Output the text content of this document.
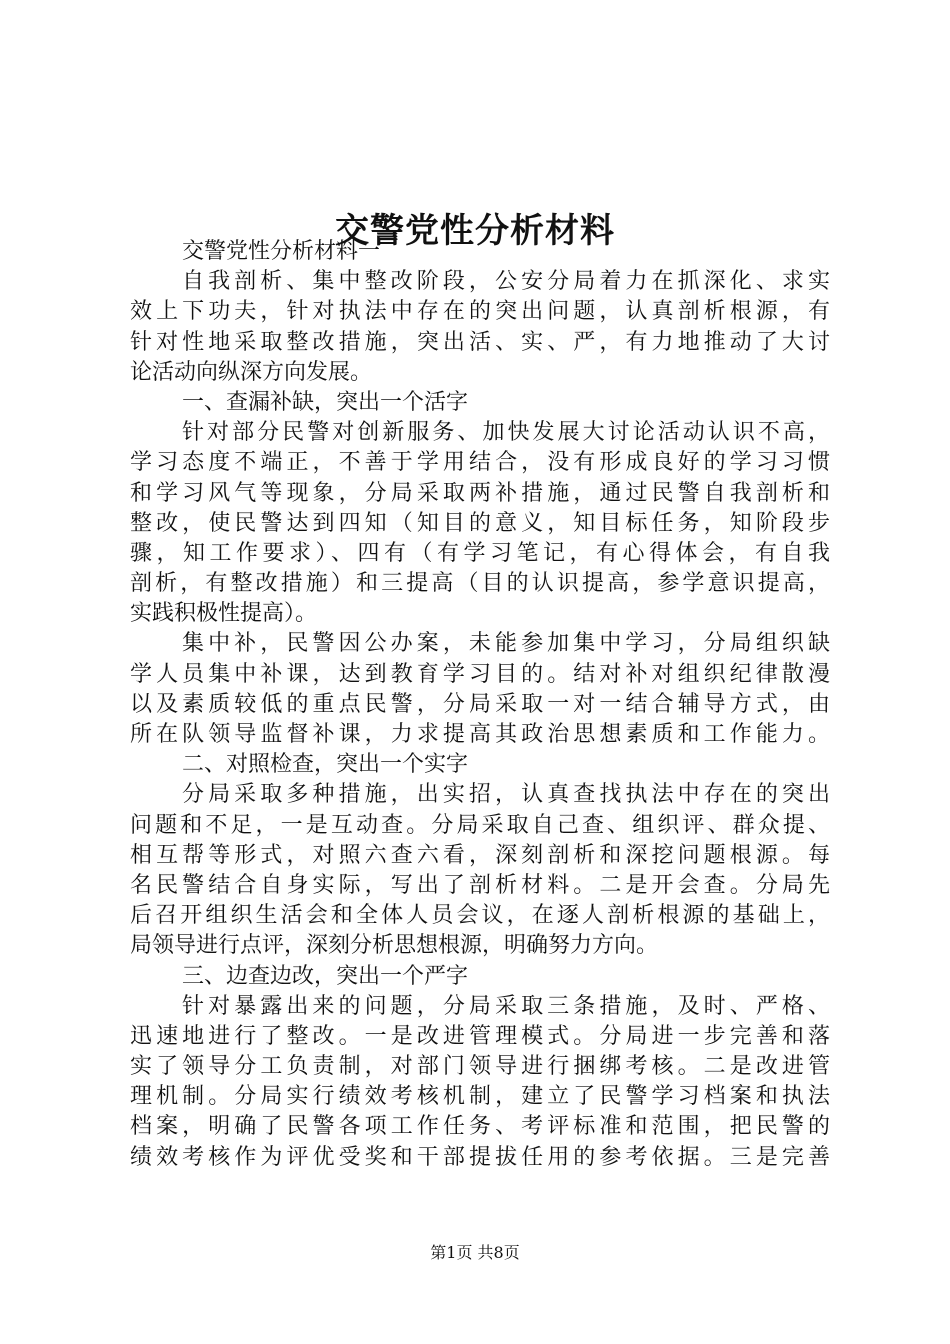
交警党性分析材料
交警党性分析材料一
自我剖析、集中整改阶段，公安分局着力在抓深化、求实
效上下功夫，针对执法中存在的突出问题，认真剖析根源，有
针对性地采取整改措施，突出活、实、严，有力地推动了大讨
论活动向纵深方向发展。
一、查漏补缺，突出一个活字
针对部分民警对创新服务、加快发展大讨论活动认识不高，
学习态度不端正，不善于学用结合，没有形成良好的学习习惯
和学习风气等现象，分局采取两补措施，通过民警自我剖析和
整改，使民警达到四知（知目的意义，知目标任务，知阶段步
骤，知工作要求）、四有（有学习笔记，有心得体会，有自我
剖析，有整改措施）和三提高（目的认识提高，参学意识提高，
实践积极性提高）。
集中补，民警因公办案，未能参加集中学习，分局组织缺
学人员集中补课，达到教育学习目的。结对补对组织纪律散漫
以及素质较低的重点民警，分局采取一对一结合辅导方式，由
所在队领导监督补课，力求提高其政治思想素质和工作能力。
二、对照检查，突出一个实字
分局采取多种措施，出实招，认真查找执法中存在的突出
问题和不足，一是互动查。分局采取自己查、组织评、群众提、
相互帮等形式，对照六查六看，深刻剖析和深挖问题根源。每
名民警结合自身实际，写出了剖析材料。二是开会查。分局先
后召开组织生活会和全体人员会议，在逐人剖析根源的基础上，
局领导进行点评，深刻分析思想根源，明确努力方向。
三、边查边改，突出一个严字
针对暴露出来的问题，分局采取三条措施，及时、严格、
迅速地进行了整改。一是改进管理模式。分局进一步完善和落
实了领导分工负责制，对部门领导进行捆绑考核。二是改进管
理机制。分局实行绩效考核机制，建立了民警学习档案和执法
档案，明确了民警各项工作任务、考评标准和范围，把民警的
绩效考核作为评优受奖和干部提拔任用的参考依据。三是完善
第1页 共8页
